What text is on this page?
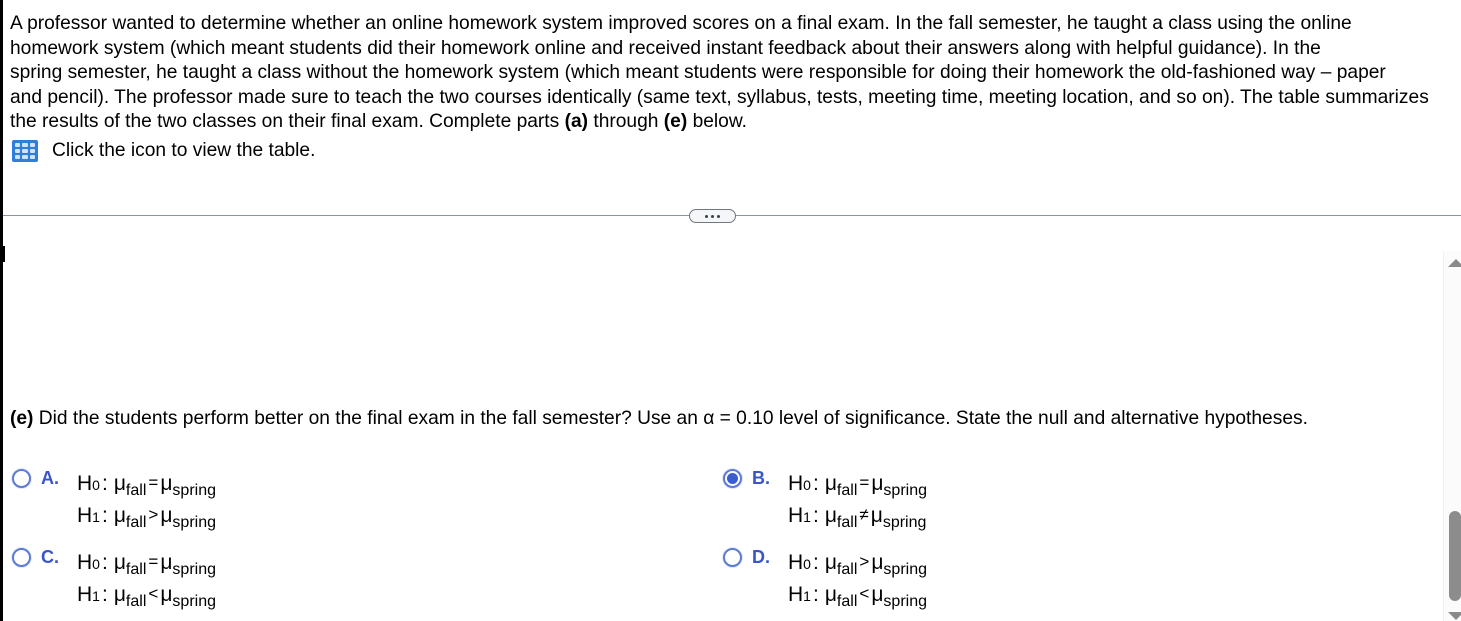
A professor wanted to determine whether an online homework system improved scores on a final exam. In the fall semester, he taught a class using the online
homework system (which meant students did their homework online and received instant feedback about their answers along with helpful guidance). In the
spring semester, he taught a class without the homework system (which meant students were responsible for doing their homework the old-fashioned way – paper
and pencil). The professor made sure to teach the two courses identically (same text, syllabus, tests, meeting time, meeting location, and so on). The table summarizes
the results of the two classes on their final exam. Complete parts (a) through (e) below.
Click the icon to view the table.
(e) Did the students perform better on the final exam in the fall semester? Use an α = 0.10 level of significance. State the null and alternative hypotheses.
A. H 0 : μ fall = μ spring
H 1 : μ fall > μ spring
B. H 0 : μ fall = μ spring
H 1 : μ fall ≠ μ spring
C. H 0 : μ fall = μ spring
H 1 : μ fall < μ spring
D. H 0 : μ fall > μ spring
H 1 : μ fall < μ spring
